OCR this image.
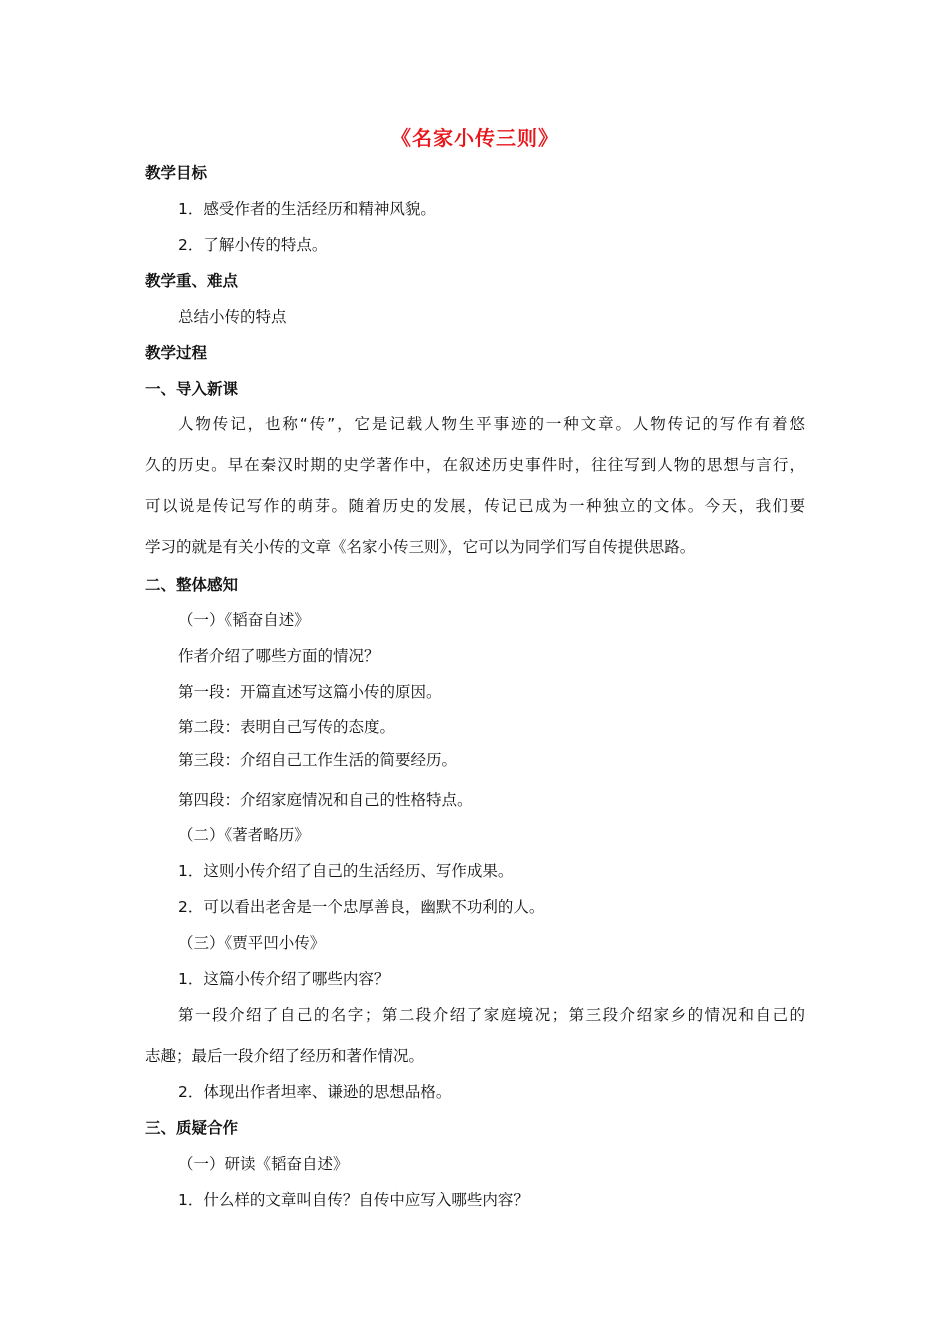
《名家小传三则》
教学目标
1．感受作者的生活经历和精神风貌。
2．了解小传的特点。
教学重、难点
总结小传的特点
教学过程
一、导入新课
人物传记，也称“传”，它是记载人物生平事迹的一种文章。人物传记的写作有着悠
久的历史。早在秦汉时期的史学著作中，在叙述历史事件时，往往写到人物的思想与言行，
可以说是传记写作的萌芽。随着历史的发展，传记已成为一种独立的文体。今天，我们要
学习的就是有关小传的文章《名家小传三则》，它可以为同学们写自传提供思路。
二、整体感知
（一）《韬奋自述》
作者介绍了哪些方面的情况？
第一段：开篇直述写这篇小传的原因。
第二段：表明自己写传的态度。
第三段：介绍自己工作生活的简要经历。
第四段：介绍家庭情况和自己的性格特点。
（二）《著者略历》
1．这则小传介绍了自己的生活经历、写作成果。
2．可以看出老舍是一个忠厚善良，幽默不功利的人。
（三）《贾平凹小传》
1．这篇小传介绍了哪些内容？
第一段介绍了自己的名字；第二段介绍了家庭境况；第三段介绍家乡的情况和自己的
志趣；最后一段介绍了经历和著作情况。
2．体现出作者坦率、谦逊的思想品格。
三、质疑合作
（一）研读《韬奋自述》
1．什么样的文章叫自传？自传中应写入哪些内容？
